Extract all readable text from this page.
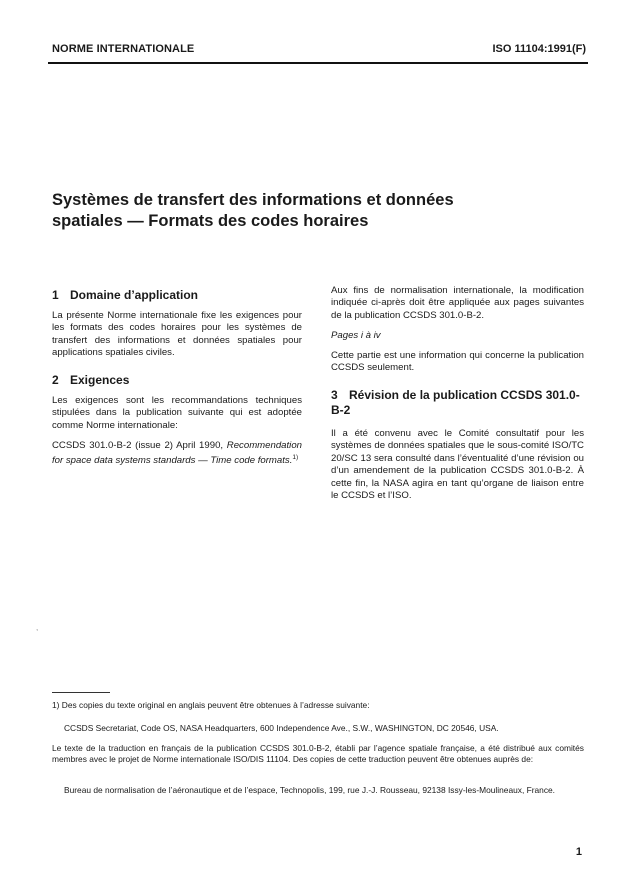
NORME INTERNATIONALE	ISO 11104:1991(F)
Systèmes de transfert des informations et données
spatiales — Formats des codes horaires
1 Domaine d’application
La présente Norme internationale fixe les exigences pour les formats des codes horaires pour les systèmes de transfert des informations et données spatiales pour applications spatiales civiles.
2 Exigences
Les exigences sont les recommandations techniques stipulées dans la publication suivante qui est adoptée comme Norme internationale:
CCSDS 301.0-B-2 (issue 2) April 1990, Recommendation for space data systems standards — Time code formats.$^{1)}$
Aux fins de normalisation internationale, la modification indiquée ci-après doit être appliquée aux pages suivantes de la publication CCSDS 301.0-B-2.
Pages i à iv
Cette partie est une information qui concerne la publication CCSDS seulement.
3 Révision de la publication CCSDS 301.0-B-2
Il a été convenu avec le Comité consultatif pour les systèmes de données spatiales que le sous-comité ISO/TC 20/SC 13 sera consulté dans l’éventualité d’une révision ou d’un amendement de la publication CCSDS 301.0-B-2. À cette fin, la NASA agira en tant qu’organe de liaison entre le CCSDS et l’ISO.
,
1) Des copies du texte original en anglais peuvent être obtenues à l’adresse suivante:
CCSDS Secretariat, Code OS, NASA Headquarters, 600 Independence Ave., S.W., WASHINGTON, DC 20546, USA.
Le texte de la traduction en français de la publication CCSDS 301.0-B-2, établi par l’agence spatiale française, a été distribué aux comités membres avec le projet de Norme internationale ISO/DIS 11104. Des copies de cette traduction peuvent être obtenues auprès de:
Bureau de normalisation de l’aéronautique et de l’espace, Technopolis, 199, rue J.-J. Rousseau, 92138 Issy-les-Moulineaux, France.
1
